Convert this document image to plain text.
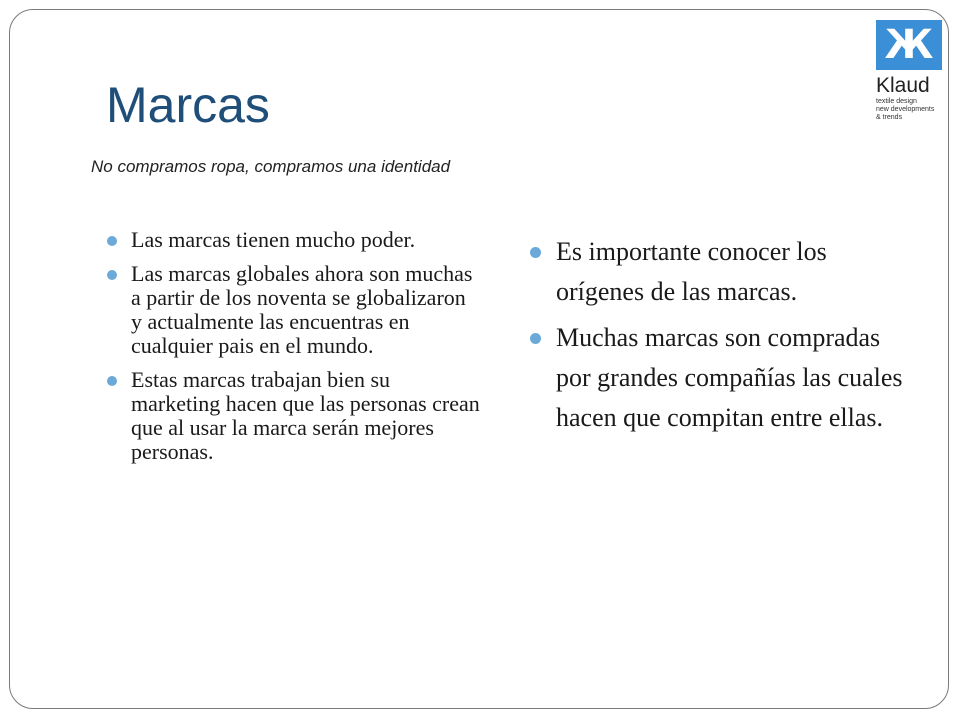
Marcas
No compramos ropa, compramos una identidad
Las marcas tienen mucho poder.
Las marcas globales ahora son muchas a partir de los noventa se globalizaron y actualmente las encuentras en cualquier pais en el mundo.
Estas marcas trabajan bien su marketing hacen que las personas crean que al usar la marca serán mejores personas.
Es importante conocer los orígenes de las marcas.
Muchas marcas son compradas por grandes compañías las cuales hacen que compitan entre ellas.
Ж
Klaud
textile design
new developments
& trends
